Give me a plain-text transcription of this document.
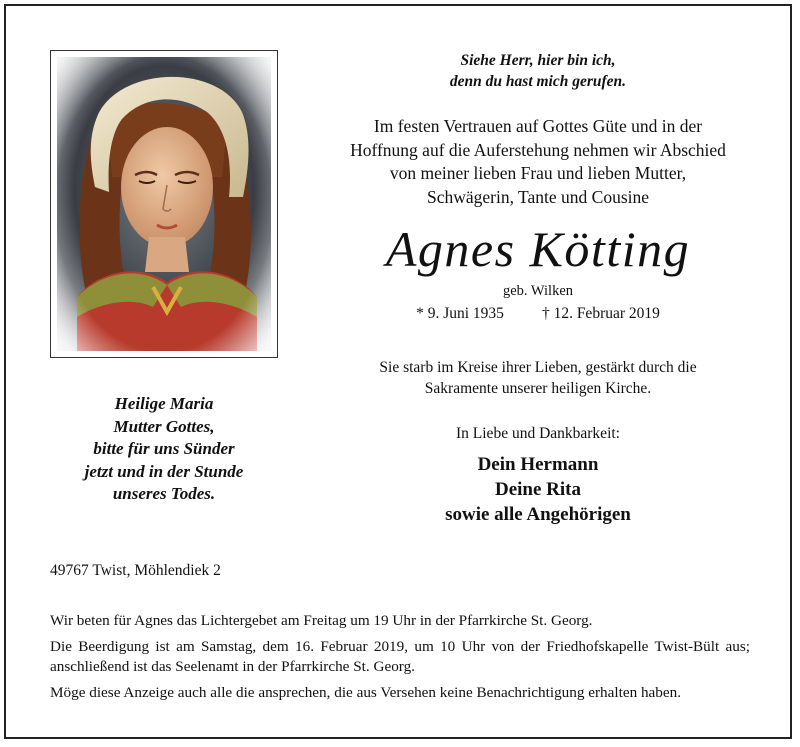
Heilige Maria
Mutter Gottes,
bitte für uns Sünder
jetzt und in der Stunde
unseres Todes.
Siehe Herr, hier bin ich,
denn du hast mich gerufen.
Im festen Vertrauen auf Gottes Güte und in der
Hoffnung auf die Auferstehung nehmen wir Abschied
von meiner lieben Frau und lieben Mutter,
Schwägerin, Tante und Cousine
Agnes Kötting
geb. Wilken
* 9. Juni 1935 † 12. Februar 2019
Sie starb im Kreise ihrer Lieben, gestärkt durch die
Sakramente unserer heiligen Kirche.
In Liebe und Dankbarkeit:
Dein Hermann
Deine Rita
sowie alle Angehörigen
49767 Twist, Möhlendiek 2
Wir beten für Agnes das Lichtergebet am Freitag um 19 Uhr in der Pfarrkirche St. Georg.
Die Beerdigung ist am Samstag, dem 16. Februar 2019, um 10 Uhr von der Friedhofskapelle Twist-Bült aus; anschließend ist das Seelenamt in der Pfarrkirche St. Georg.
Möge diese Anzeige auch alle die ansprechen, die aus Versehen keine Benachrichtigung erhalten haben.
